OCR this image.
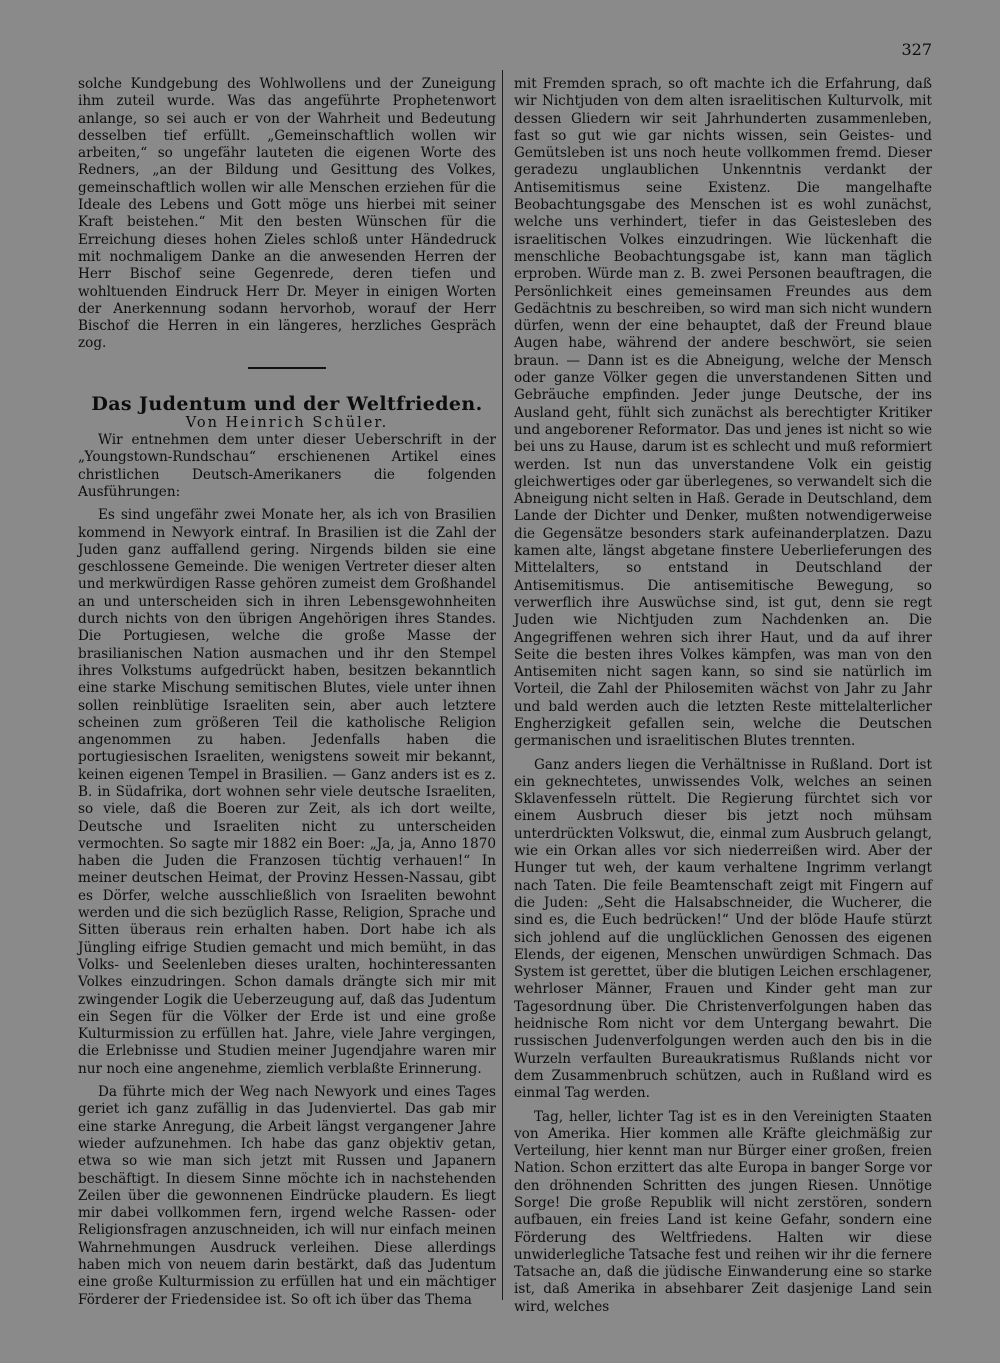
327

solche Kundgebung des Wohlwollens und der Zuneigung ihm zuteil wurde. Was das angeführte Prophetenwort anlange, so sei auch er von der Wahrheit und Bedeutung desselben tief erfüllt. „Gemeinschaftlich wollen wir arbeiten,“ so ungefähr lauteten die eigenen Worte des Redners, „an der Bildung und Gesittung des Volkes, gemeinschaftlich wollen wir alle Menschen erziehen für die Ideale des Lebens und Gott möge uns hierbei mit seiner Kraft beistehen.“ Mit den besten Wünschen für die Erreichung dieses hohen Zieles schloß unter Händedruck mit nochmaligem Danke an die anwesenden Herren der Herr Bischof seine Gegenrede, deren tiefen und wohltuenden Eindruck Herr Dr. Meyer in einigen Worten der Anerkennung sodann hervorhob, worauf der Herr Bischof die Herren in ein längeres, herzliches Gespräch zog.

Das Judentum und der Weltfrieden.

Von Heinrich Schüler.

Wir entnehmen dem unter dieser Ueberschrift in der „Youngstown-Rundschau“ erschienenen Artikel eines christlichen Deutsch-Amerikaners die folgenden Ausführungen:

Es sind ungefähr zwei Monate her, als ich von Brasilien kommend in Newyork eintraf. In Brasilien ist die Zahl der Juden ganz auffallend gering. Nirgends bilden sie eine geschlossene Gemeinde. Die wenigen Vertreter dieser alten und merkwürdigen Rasse gehören zumeist dem Großhandel an und unterscheiden sich in ihren Lebensgewohnheiten durch nichts von den übrigen Angehörigen ihres Standes. Die Portugiesen, welche die große Masse der brasilianischen Nation ausmachen und ihr den Stempel ihres Volkstums aufgedrückt haben, besitzen bekanntlich eine starke Mischung semitischen Blutes, viele unter ihnen sollen reinblütige Israeliten sein, aber auch letztere scheinen zum größeren Teil die katholische Religion angenommen zu haben. Jedenfalls haben die portugiesischen Israeliten, wenigstens soweit mir bekannt, keinen eigenen Tempel in Brasilien. — Ganz anders ist es z. B. in Südafrika, dort wohnen sehr viele deutsche Israeliten, so viele, daß die Boeren zur Zeit, als ich dort weilte, Deutsche und Israeliten nicht zu unterscheiden vermochten. So sagte mir 1882 ein Boer: „Ja, ja, Anno 1870 haben die Juden die Franzosen tüchtig verhauen!“ In meiner deutschen Heimat, der Provinz Hessen-Nassau, gibt es Dörfer, welche ausschließlich von Israeliten bewohnt werden und die sich bezüglich Rasse, Religion, Sprache und Sitten überaus rein erhalten haben. Dort habe ich als Jüngling eifrige Studien gemacht und mich bemüht, in das Volks- und Seelenleben dieses uralten, hochinteressanten Volkes einzudringen. Schon damals drängte sich mir mit zwingender Logik die Ueberzeugung auf, daß das Judentum ein Segen für die Völker der Erde ist und eine große Kulturmission zu erfüllen hat. Jahre, viele Jahre vergingen, die Erlebnisse und Studien meiner Jugendjahre waren mir nur noch eine angenehme, ziemlich verblaßte Erinnerung.

Da führte mich der Weg nach Newyork und eines Tages geriet ich ganz zufällig in das Judenviertel. Das gab mir eine starke Anregung, die Arbeit längst vergangener Jahre wieder aufzunehmen. Ich habe das ganz objektiv getan, etwa so wie man sich jetzt mit Russen und Japanern beschäftigt. In diesem Sinne möchte ich in nachstehenden Zeilen über die gewonnenen Eindrücke plaudern. Es liegt mir dabei vollkommen fern, irgend welche Rassen- oder Religionsfragen anzuschneiden, ich will nur einfach meinen Wahrnehmungen Ausdruck verleihen. Diese allerdings haben mich von neuem darin bestärkt, daß das Judentum eine große Kulturmission zu erfüllen hat und ein mächtiger Förderer der Friedensidee ist. So oft ich über das Thema

mit Fremden sprach, so oft machte ich die Erfahrung, daß wir Nichtjuden von dem alten israelitischen Kulturvolk, mit dessen Gliedern wir seit Jahrhunderten zusammenleben, fast so gut wie gar nichts wissen, sein Geistes- und Gemütsleben ist uns noch heute vollkommen fremd. Dieser geradezu unglaublichen Unkenntnis verdankt der Antisemitismus seine Existenz. Die mangelhafte Beobachtungsgabe des Menschen ist es wohl zunächst, welche uns verhindert, tiefer in das Geistesleben des israelitischen Volkes einzudringen. Wie lückenhaft die menschliche Beobachtungsgabe ist, kann man täglich erproben. Würde man z. B. zwei Personen beauftragen, die Persönlichkeit eines gemeinsamen Freundes aus dem Gedächtnis zu beschreiben, so wird man sich nicht wundern dürfen, wenn der eine behauptet, daß der Freund blaue Augen habe, während der andere beschwört, sie seien braun. — Dann ist es die Abneigung, welche der Mensch oder ganze Völker gegen die unverstandenen Sitten und Gebräuche empfinden. Jeder junge Deutsche, der ins Ausland geht, fühlt sich zunächst als berechtigter Kritiker und angeborener Reformator. Das und jenes ist nicht so wie bei uns zu Hause, darum ist es schlecht und muß reformiert werden. Ist nun das unverstandene Volk ein geistig gleichwertiges oder gar überlegenes, so verwandelt sich die Abneigung nicht selten in Haß. Gerade in Deutschland, dem Lande der Dichter und Denker, mußten notwendigerweise die Gegensätze besonders stark aufeinanderplatzen. Dazu kamen alte, längst abgetane finstere Ueberlieferungen des Mittelalters, so entstand in Deutschland der Antisemitismus. Die antisemitische Bewegung, so verwerflich ihre Auswüchse sind, ist gut, denn sie regt Juden wie Nichtjuden zum Nachdenken an. Die Angegriffenen wehren sich ihrer Haut, und da auf ihrer Seite die besten ihres Volkes kämpfen, was man von den Antisemiten nicht sagen kann, so sind sie natürlich im Vorteil, die Zahl der Philosemiten wächst von Jahr zu Jahr und bald werden auch die letzten Reste mittelalterlicher Engherzigkeit gefallen sein, welche die Deutschen germanischen und israelitischen Blutes trennten.

Ganz anders liegen die Verhältnisse in Rußland. Dort ist ein geknechtetes, unwissendes Volk, welches an seinen Sklavenfesseln rüttelt. Die Regierung fürchtet sich vor einem Ausbruch dieser bis jetzt noch mühsam unterdrückten Volkswut, die, einmal zum Ausbruch gelangt, wie ein Orkan alles vor sich niederreißen wird. Aber der Hunger tut weh, der kaum verhaltene Ingrimm verlangt nach Taten. Die feile Beamtenschaft zeigt mit Fingern auf die Juden: „Seht die Halsabschneider, die Wucherer, die sind es, die Euch bedrücken!“ Und der blöde Haufe stürzt sich johlend auf die unglücklichen Genossen des eigenen Elends, der eigenen, Menschen unwürdigen Schmach. Das System ist gerettet, über die blutigen Leichen erschlagener, wehrloser Männer, Frauen und Kinder geht man zur Tagesordnung über. Die Christenverfolgungen haben das heidnische Rom nicht vor dem Untergang bewahrt. Die russischen Judenverfolgungen werden auch den bis in die Wurzeln verfaulten Bureaukratismus Rußlands nicht vor dem Zusammenbruch schützen, auch in Rußland wird es einmal Tag werden.

Tag, heller, lichter Tag ist es in den Vereinigten Staaten von Amerika. Hier kommen alle Kräfte gleichmäßig zur Verteilung, hier kennt man nur Bürger einer großen, freien Nation. Schon erzittert das alte Europa in banger Sorge vor den dröhnenden Schritten des jungen Riesen. Unnötige Sorge! Die große Republik will nicht zerstören, sondern aufbauen, ein freies Land ist keine Gefahr, sondern eine Förderung des Weltfriedens. Halten wir diese unwiderlegliche Tatsache fest und reihen wir ihr die fernere Tatsache an, daß die jüdische Einwanderung eine so starke ist, daß Amerika in absehbarer Zeit dasjenige Land sein wird, welches
